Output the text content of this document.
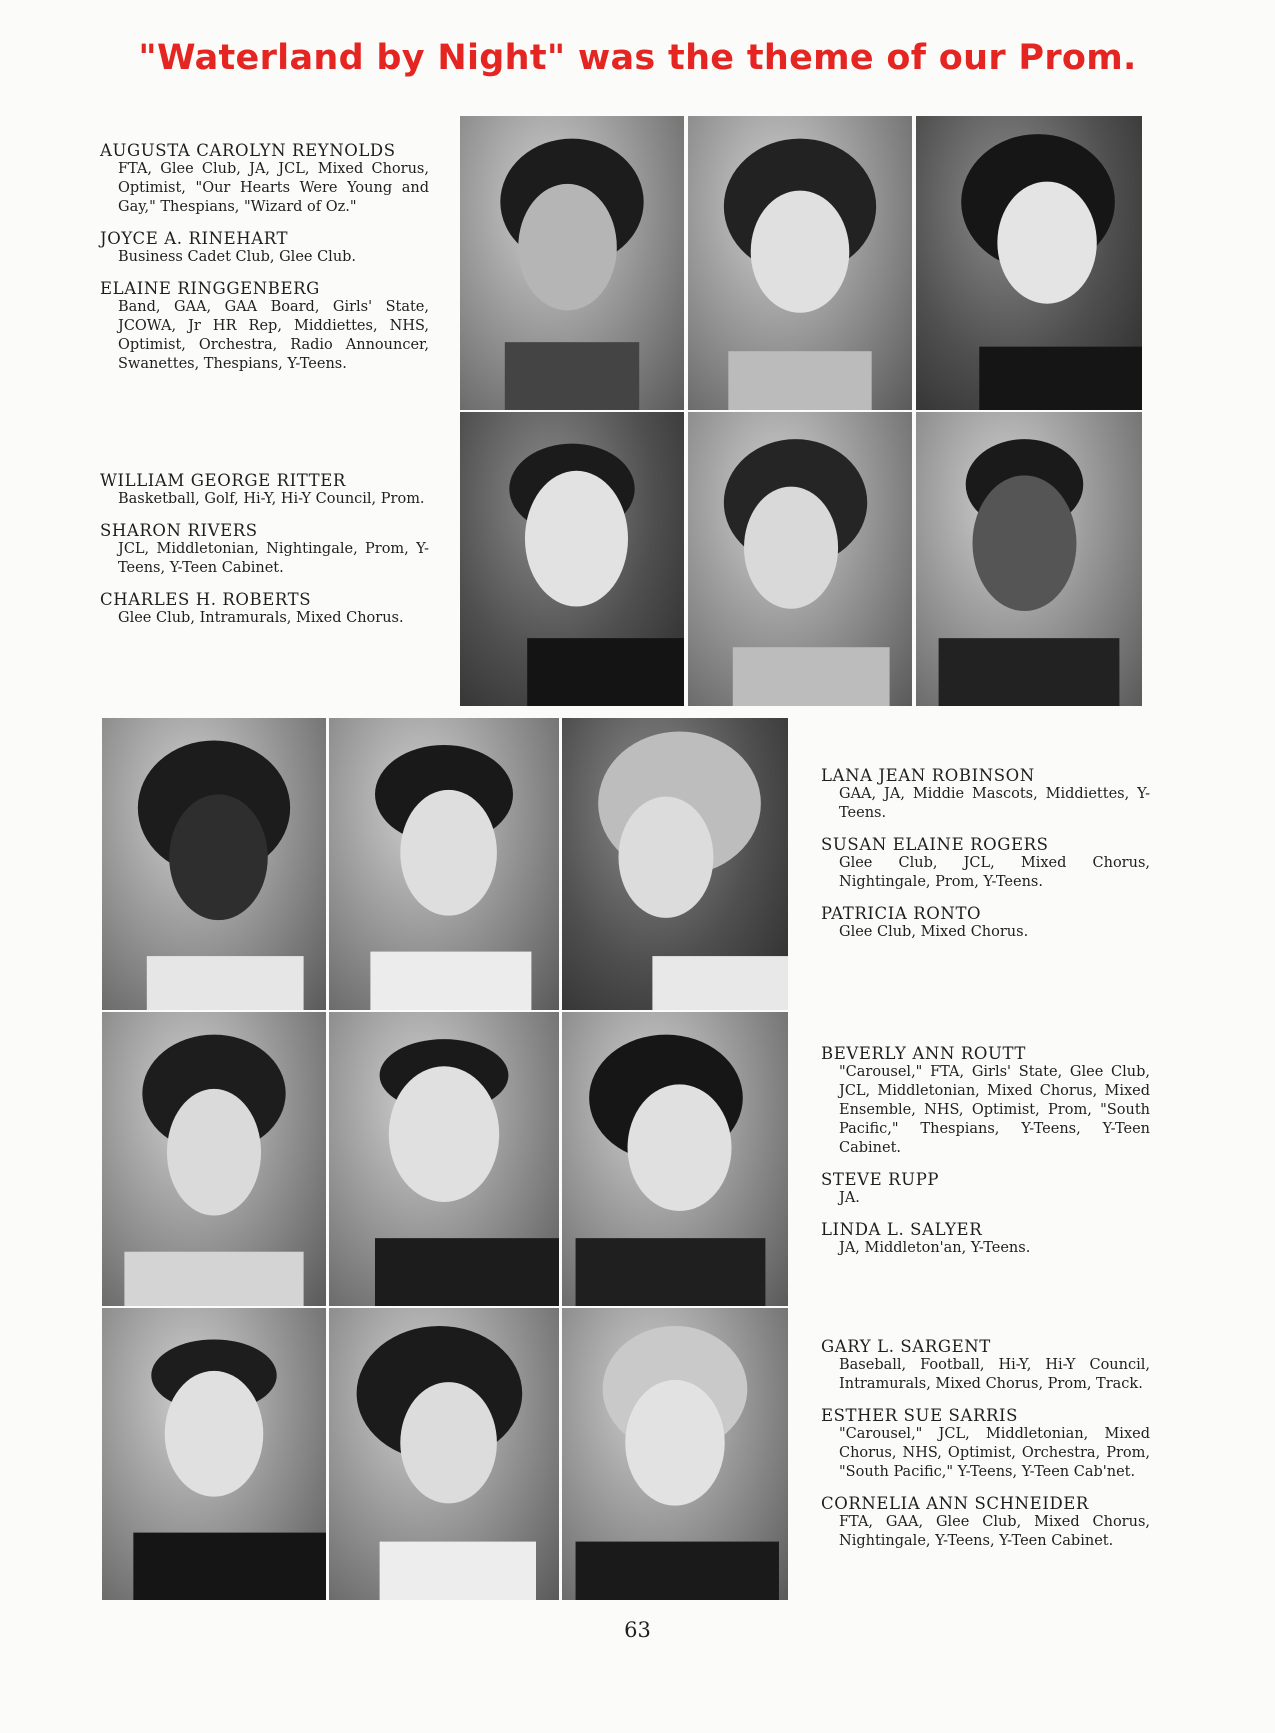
"Waterland by Night" was the theme of our Prom.
AUGUSTA CAROLYN REYNOLDS
FTA, Glee Club, JA, JCL, Mixed Chorus, Optimist, "Our Hearts Were Young and Gay," Thespians, "Wizard of Oz."
JOYCE A. RINEHART
Business Cadet Club, Glee Club.
ELAINE RINGGENBERG
Band, GAA, GAA Board, Girls' State, JCOWA, Jr HR Rep, Middiettes, NHS, Optimist, Orchestra, Radio Announcer, Swanettes, Thespians, Y-Teens.
WILLIAM GEORGE RITTER
Basketball, Golf, Hi-Y, Hi-Y Council, Prom.
SHARON RIVERS
JCL, Middletonian, Nightingale, Prom, Y-Teens, Y-Teen Cabinet.
CHARLES H. ROBERTS
Glee Club, Intramurals, Mixed Chorus.
LANA JEAN ROBINSON
GAA, JA, Middie Mascots, Middiettes, Y-Teens.
SUSAN ELAINE ROGERS
Glee Club, JCL, Mixed Chorus, Nightingale, Prom, Y-Teens.
PATRICIA RONTO
Glee Club, Mixed Chorus.
BEVERLY ANN ROUTT
"Carousel," FTA, Girls' State, Glee Club, JCL, Middletonian, Mixed Chorus, Mixed Ensemble, NHS, Optimist, Prom, "South Pacific," Thespians, Y-Teens, Y-Teen Cabinet.
STEVE RUPP
JA.
LINDA L. SALYER
JA, Middleton'an, Y-Teens.
GARY L. SARGENT
Baseball, Football, Hi-Y, Hi-Y Council, Intramurals, Mixed Chorus, Prom, Track.
ESTHER SUE SARRIS
"Carousel," JCL, Middletonian, Mixed Chorus, NHS, Optimist, Orchestra, Prom, "South Pacific," Y-Teens, Y-Teen Cab'net.
CORNELIA ANN SCHNEIDER
FTA, GAA, Glee Club, Mixed Chorus, Nightingale, Y-Teens, Y-Teen Cabinet.
63
